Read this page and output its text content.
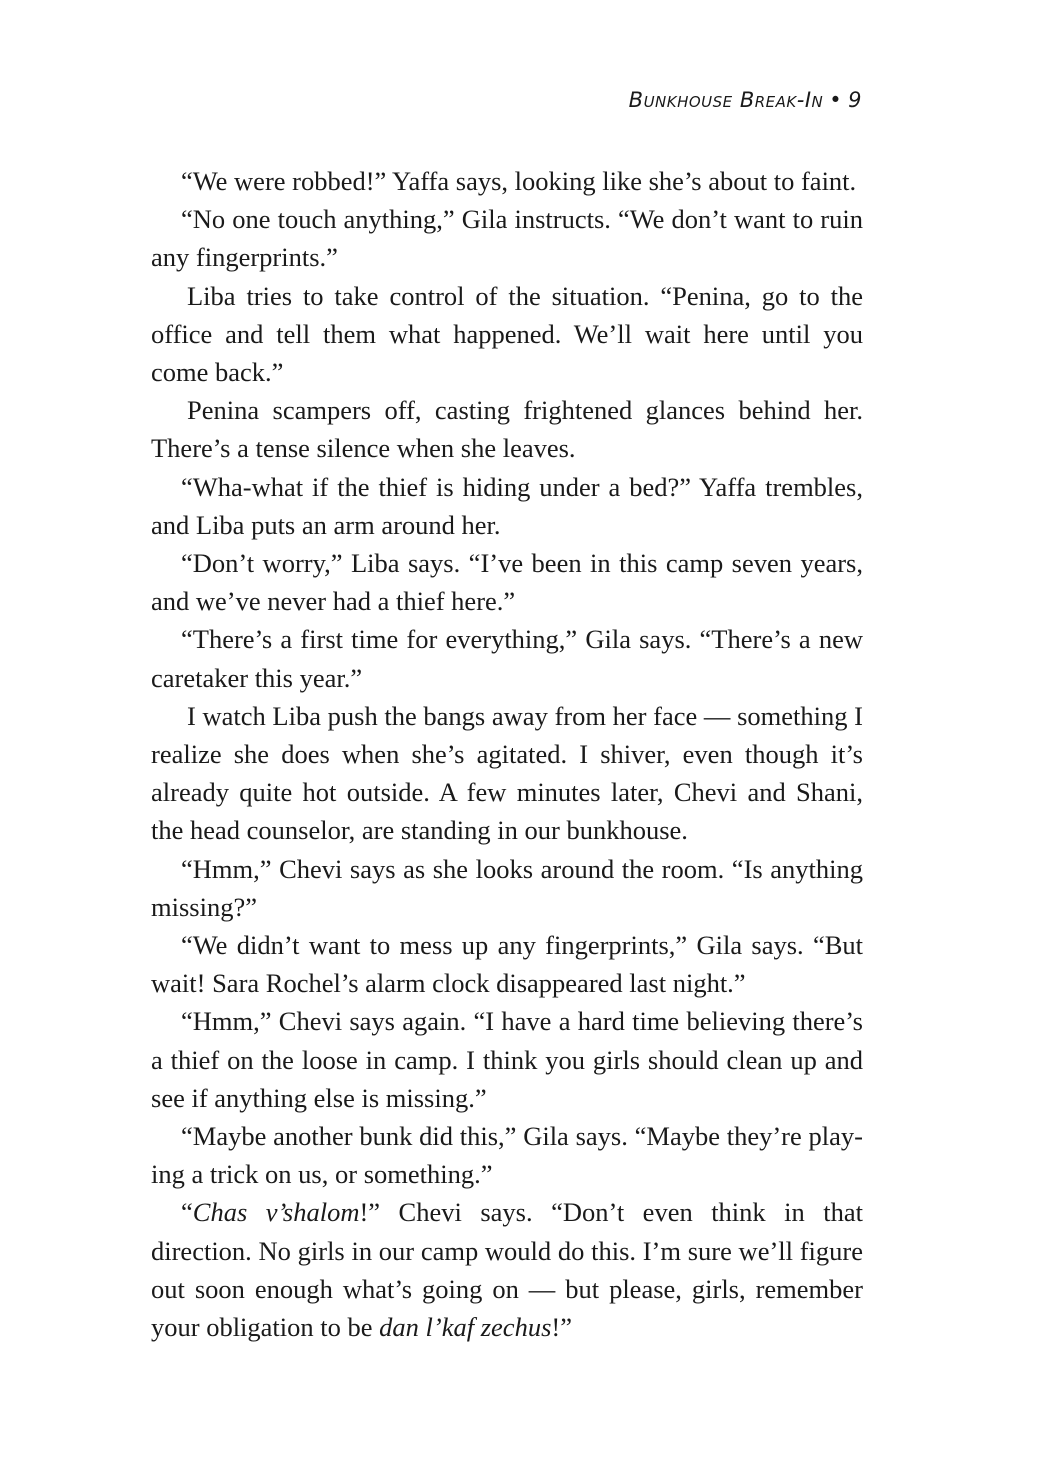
Bunkhouse Break-In • 9

“We were robbed!” Yaffa says, looking like she’s about to faint.

“No one touch anything,” Gila instructs. “We don’t want to ruin any fingerprints.”

Liba tries to take control of the situation. “Penina, go to the office and tell them what happened. We’ll wait here until you come back.”

Penina scampers off, casting frightened glances behind her. There’s a tense silence when she leaves.

“Wha-what if the thief is hiding under a bed?” Yaffa trembles, and Liba puts an arm around her.

“Don’t worry,” Liba says. “I’ve been in this camp seven years, and we’ve never had a thief here.”

“There’s a first time for everything,” Gila says. “There’s a new caretaker this year.”

I watch Liba push the bangs away from her face — something I realize she does when she’s agitated. I shiver, even though it’s already quite hot outside. A few minutes later, Chevi and Shani, the head counselor, are standing in our bunkhouse.

“Hmm,” Chevi says as she looks around the room. “Is anything missing?”

“We didn’t want to mess up any fingerprints,” Gila says. “But wait! Sara Rochel’s alarm clock disappeared last night.”

“Hmm,” Chevi says again. “I have a hard time believing there’s a thief on the loose in camp. I think you girls should clean up and see if anything else is missing.”

“Maybe another bunk did this,” Gila says. “Maybe they’re playing a trick on us, or something.”

“Chas v’shalom!” Chevi says. “Don’t even think in that direction. No girls in our camp would do this. I’m sure we’ll figure out soon enough what’s going on — but please, girls, remember your obligation to be dan l’kaf zechus!”
